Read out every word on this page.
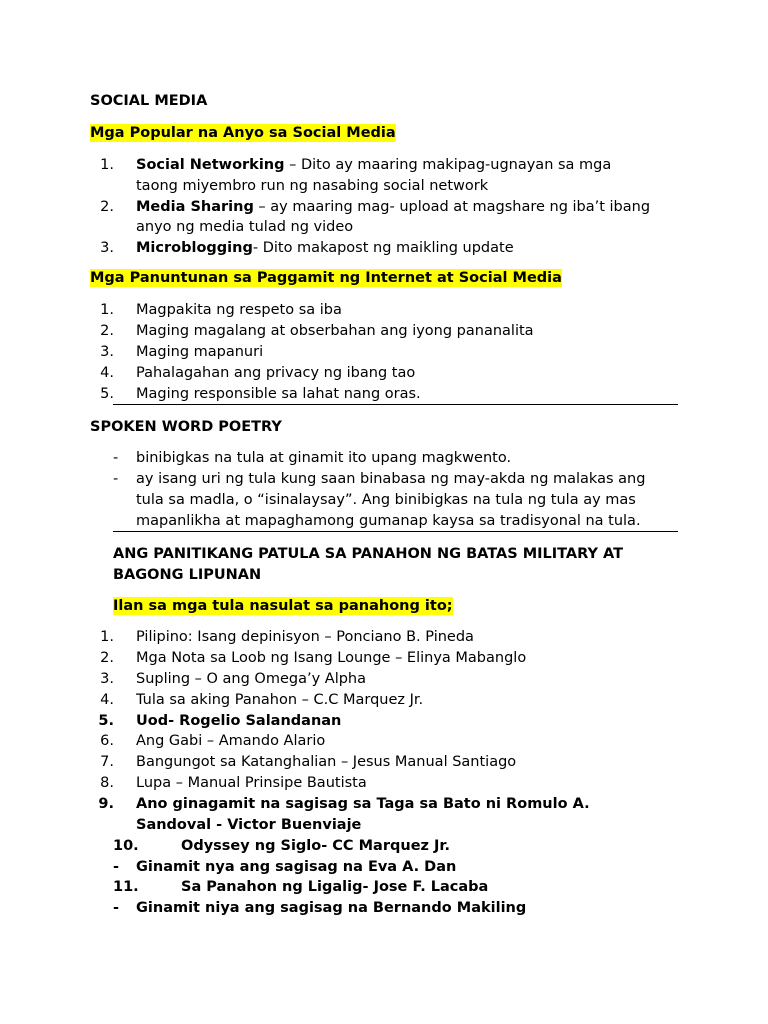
SOCIAL MEDIA
Mga Popular na Anyo sa Social Media
1. Social Networking – Dito ay maaring makipag-ugnayan sa mga
taong miyembro run ng nasabing social network
2. Media Sharing – ay maaring mag- upload at magshare ng iba’t ibang
anyo ng media tulad ng video
3. Microblogging- Dito makapost ng maikling update
Mga Panuntunan sa Paggamit ng Internet at Social Media
1. Magpakita ng respeto sa iba
2. Maging magalang at obserbahan ang iyong pananalita
3. Maging mapanuri
4. Pahalagahan ang privacy ng ibang tao
5. Maging responsible sa lahat nang oras.
SPOKEN WORD POETRY
- binibigkas na tula at ginamit ito upang magkwento.
- ay isang uri ng tula kung saan binabasa ng may-akda ng malakas ang
tula sa madla, o “isinalaysay”. Ang binibigkas na tula ng tula ay mas
mapanlikha at mapaghamong gumanap kaysa sa tradisyonal na tula.
ANG PANITIKANG PATULA SA PANAHON NG BATAS MILITARY AT
BAGONG LIPUNAN
Ilan sa mga tula nasulat sa panahong ito;
1. Pilipino: Isang depinisyon – Ponciano B. Pineda
2. Mga Nota sa Loob ng Isang Lounge – Elinya Mabanglo
3. Supling – O ang Omega’y Alpha
4. Tula sa aking Panahon – C.C Marquez Jr.
5. Uod- Rogelio Salandanan
6. Ang Gabi – Amando Alario
7. Bangungot sa Katanghalian – Jesus Manual Santiago
8. Lupa – Manual Prinsipe Bautista
9. Ano ginagamit na sagisag sa Taga sa Bato ni Romulo A.
Sandoval - Victor Buenviaje
10.	Odyssey ng Siglo- CC Marquez Jr.
- Ginamit nya ang sagisag na Eva A. Dan
11.	Sa Panahon ng Ligalig- Jose F. Lacaba
- Ginamit niya ang sagisag na Bernando Makiling
